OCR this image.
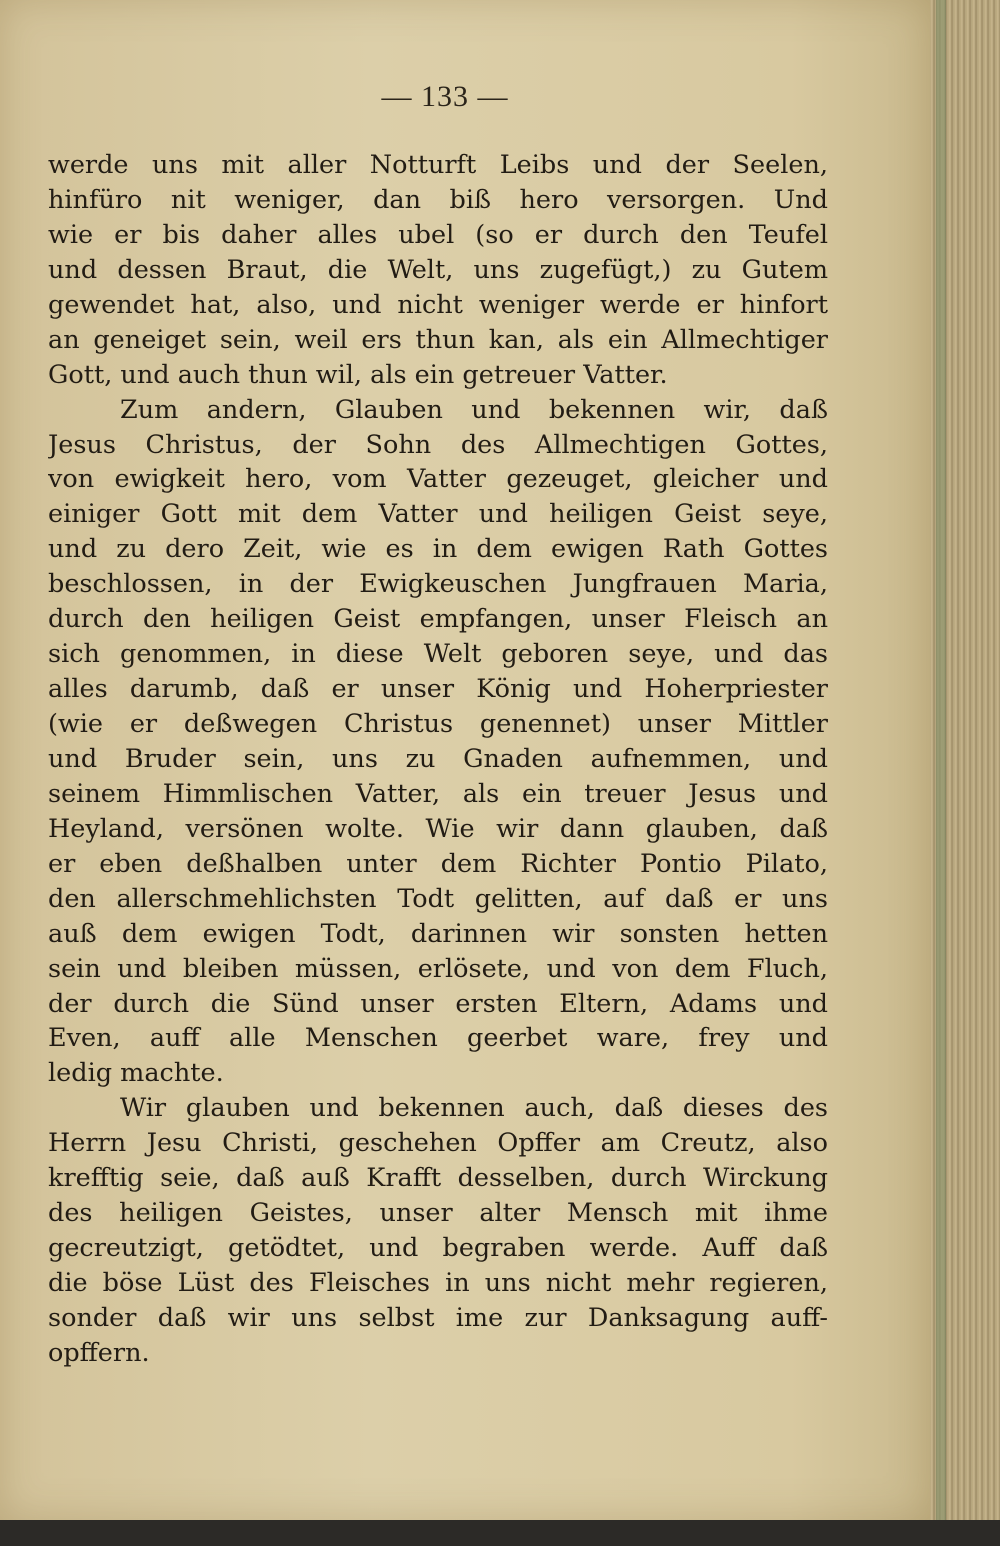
— 133 —
werde uns mit aller Notturft Leibs und der Seelen,
hinfüro nit weniger, dan biß hero versorgen. Und
wie er bis daher alles ubel (so er durch den Teufel
und dessen Braut, die Welt, uns zugefügt,) zu Gutem
gewendet hat, also, und nicht weniger werde er hinfort
an geneiget sein, weil ers thun kan, als ein Allmechtiger
Gott, und auch thun wil, als ein getreuer Vatter.
Zum andern, Glauben und bekennen wir, daß
Jesus Christus, der Sohn des Allmechtigen Gottes,
von ewigkeit hero, vom Vatter gezeuget, gleicher und
einiger Gott mit dem Vatter und heiligen Geist seye,
und zu dero Zeit, wie es in dem ewigen Rath Gottes
beschlossen, in der Ewigkeuschen Jungfrauen Maria,
durch den heiligen Geist empfangen, unser Fleisch an
sich genommen, in diese Welt geboren seye, und das
alles darumb, daß er unser König und Hoherpriester
(wie er deßwegen Christus genennet) unser Mittler
und Bruder sein, uns zu Gnaden aufnemmen, und
seinem Himmlischen Vatter, als ein treuer Jesus und
Heyland, versönen wolte. Wie wir dann glauben, daß
er eben deßhalben unter dem Richter Pontio Pilato,
den allerschmehlichsten Todt gelitten, auf daß er uns
auß dem ewigen Todt, darinnen wir sonsten hetten
sein und bleiben müssen, erlösete, und von dem Fluch,
der durch die Sünd unser ersten Eltern, Adams und
Even, auff alle Menschen geerbet ware, frey und
ledig machte.
Wir glauben und bekennen auch, daß dieses des
Herrn Jesu Christi, geschehen Opffer am Creutz, also
krefftig seie, daß auß Krafft desselben, durch Wirckung
des heiligen Geistes, unser alter Mensch mit ihme
gecreutzigt, getödtet, und begraben werde. Auff daß
die böse Lüst des Fleisches in uns nicht mehr regieren,
sonder daß wir uns selbst ime zur Danksagung auff-
opffern.
